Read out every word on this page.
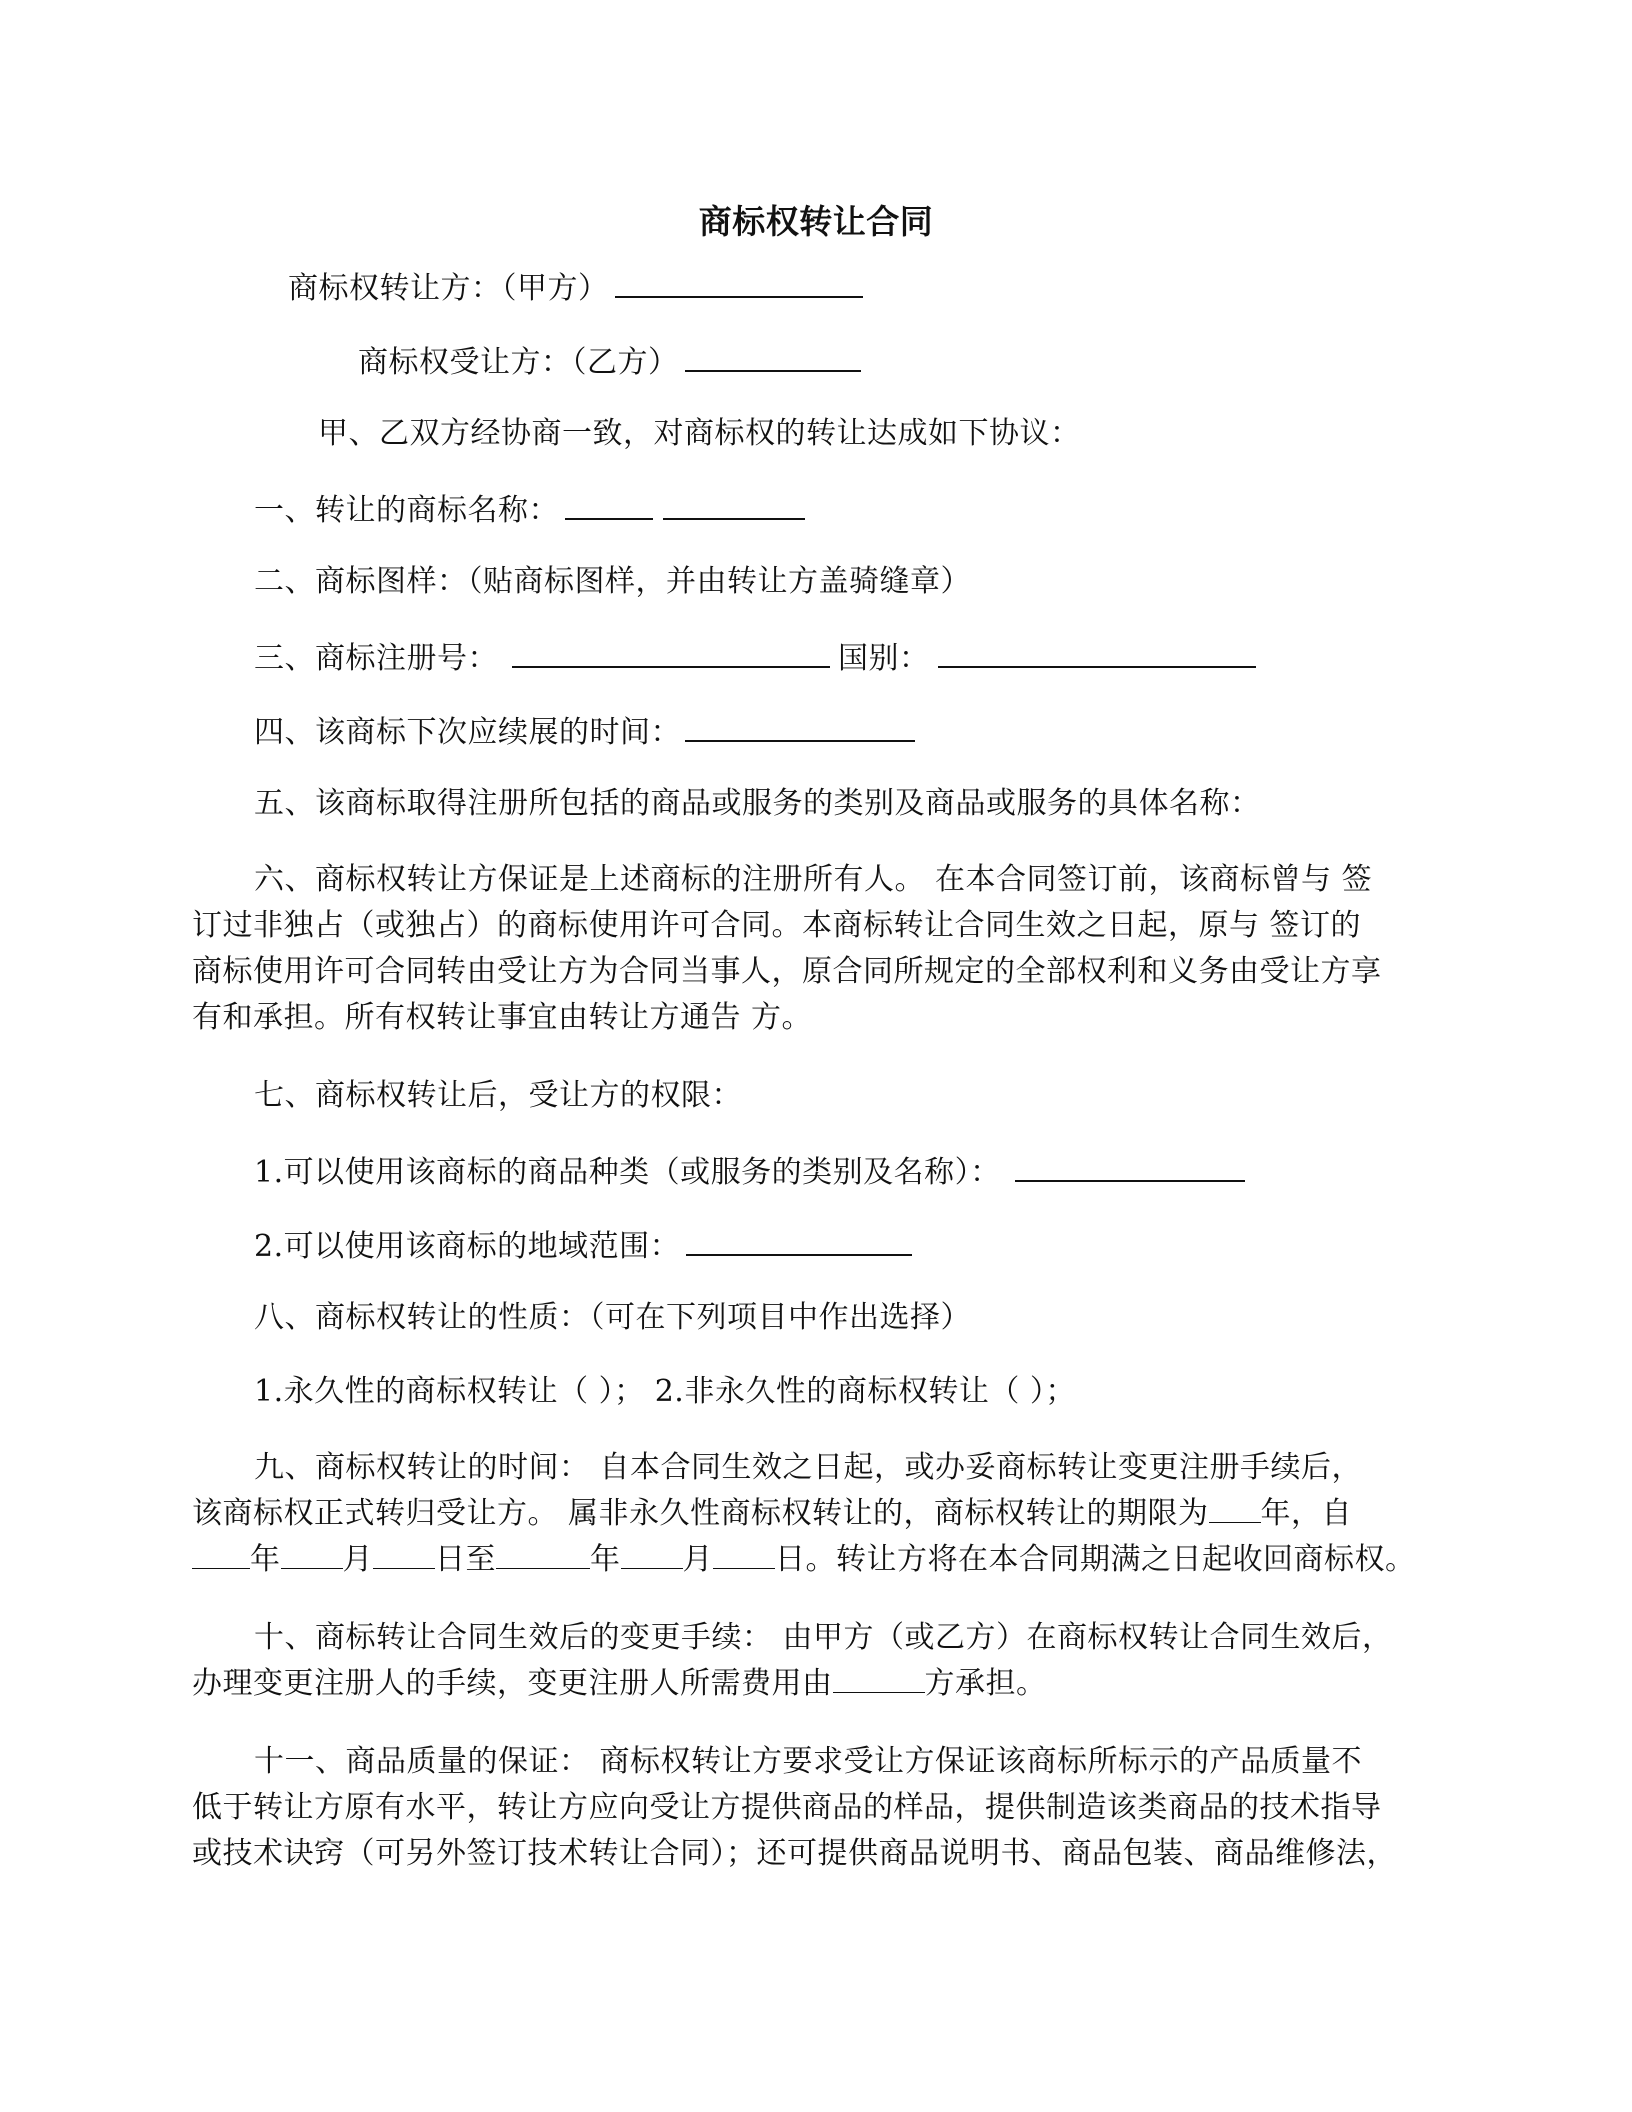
商标权转让合同
商标权转让方：（甲方）
商标权受让方：（乙方）
甲、乙双方经协商一致，对商标权的转让达成如下协议：
一、转让的商标名称：
二、商标图样：（贴商标图样，并由转让方盖骑缝章）
三、商标注册号：	国别：
四、该商标下次应续展的时间：
五、该商标取得注册所包括的商品或服务的类别及商品或服务的具体名称：
六、商标权转让方保证是上述商标的注册所有人。 在本合同签订前，该商标曾与 签
订过非独占（或独占）的商标使用许可合同。本商标转让合同生效之日起，原与 签订的
商标使用许可合同转由受让方为合同当事人，原合同所规定的全部权利和义务由受让方享
有和承担。所有权转让事宜由转让方通告 方。
七、商标权转让后，受让方的权限：
1.可以使用该商标的商品种类（或服务的类别及名称）：
2.可以使用该商标的地域范围：
八、商标权转让的性质：（可在下列项目中作出选择）
1.永久性的商标权转让（ ）； 2.非永久性的商标权转让（ ）；
九、商标权转让的时间： 自本合同生效之日起，或办妥商标转让变更注册手续后，
该商标权正式转归受让方。 属非永久性商标权转让的，商标权转让的期限为 年，自
年 月 日至	年 月 日。转让方将在本合同期满之日起收回商标权。
十、商标转让合同生效后的变更手续： 由甲方（或乙方）在商标权转让合同生效后，
办理变更注册人的手续，变更注册人所需费用由	方承担。
十一、商品质量的保证： 商标权转让方要求受让方保证该商标所标示的产品质量不
低于转让方原有水平，转让方应向受让方提供商品的样品，提供制造该类商品的技术指导
或技术诀窍（可另外签订技术转让合同）；还可提供商品说明书、商品包装、商品维修法，
